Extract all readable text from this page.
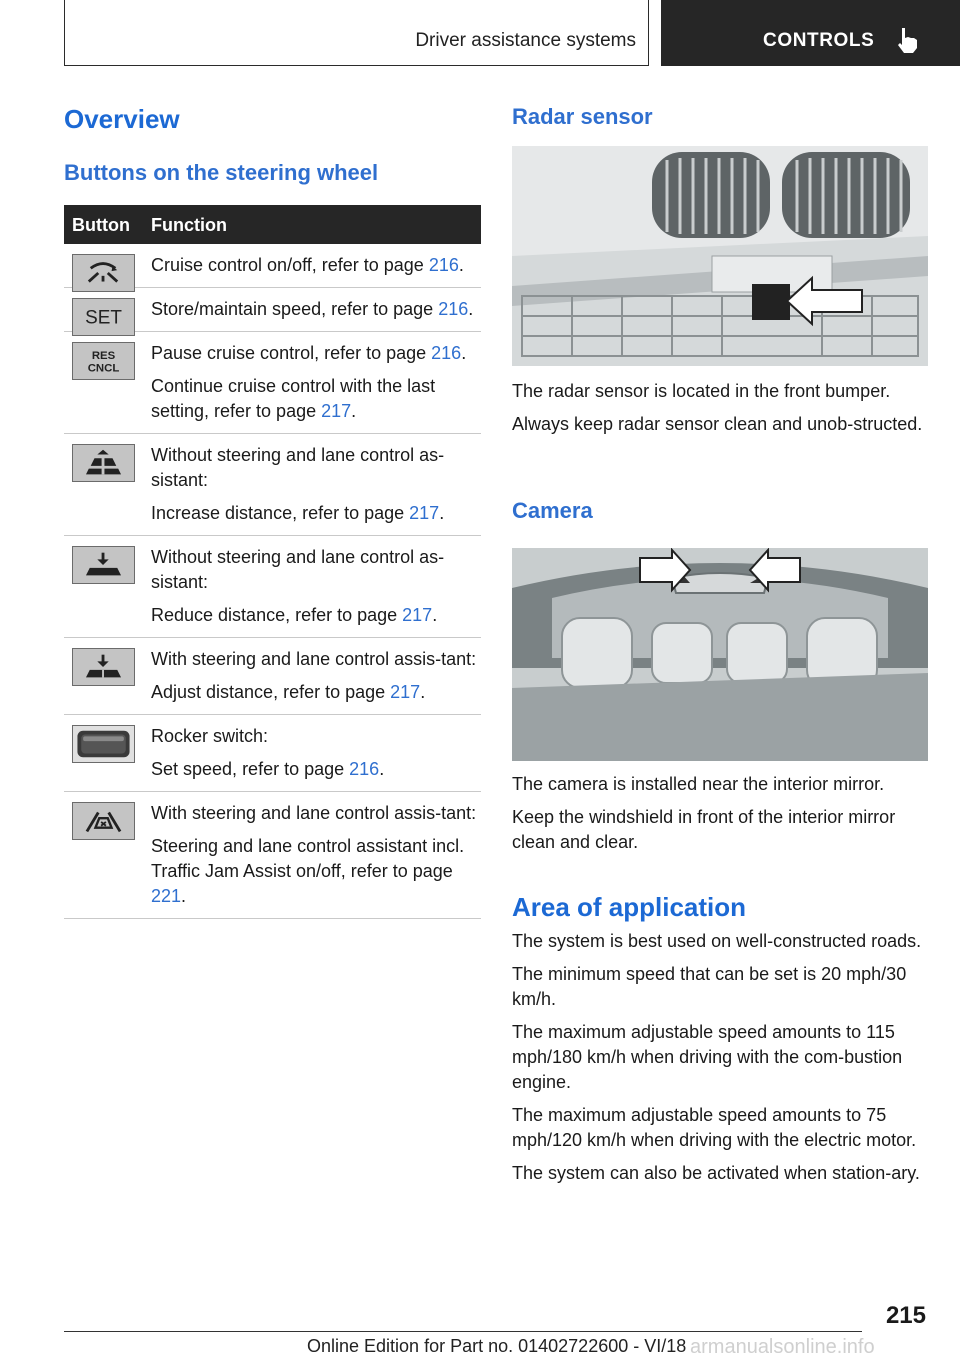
Driver assistance systems	CONTROLS
Overview
Buttons on the steering wheel
Button Function

Cruise control on/off, refer to page 216.

SET Store/maintain speed, refer to page 216.

RES
CNCL

Pause cruise control, refer to page 216.

Continue cruise control with the last setting, refer to page 217.

Without steering and lane control as-sistant:

Increase distance, refer to page 217.

Without steering and lane control as-sistant:

Reduce distance, refer to page 217.

With steering and lane control assis-tant:

Adjust distance, refer to page 217.

Rocker switch:

Set speed, refer to page 216.

With steering and lane control assis-tant:

Steering and lane control assistant incl. Traffic Jam Assist on/off, refer to page 221.

Radar sensor

The radar sensor is located in the front bumper.

Always keep radar sensor clean and unob-structed.

Camera

The camera is installed near the interior mirror.

Keep the windshield in front of the interior mirror clean and clear.

Area of application

The system is best used on well-constructed roads.

The minimum speed that can be set is 20 mph/30 km/h.

The maximum adjustable speed amounts to 115 mph/180 km/h when driving with the com-bustion engine.

The maximum adjustable speed amounts to 75 mph/120 km/h when driving with the electric motor.

The system can also be activated when station-ary.

215
Online Edition for Part no. 01402722600 - VI/18 armanualsonline.info
